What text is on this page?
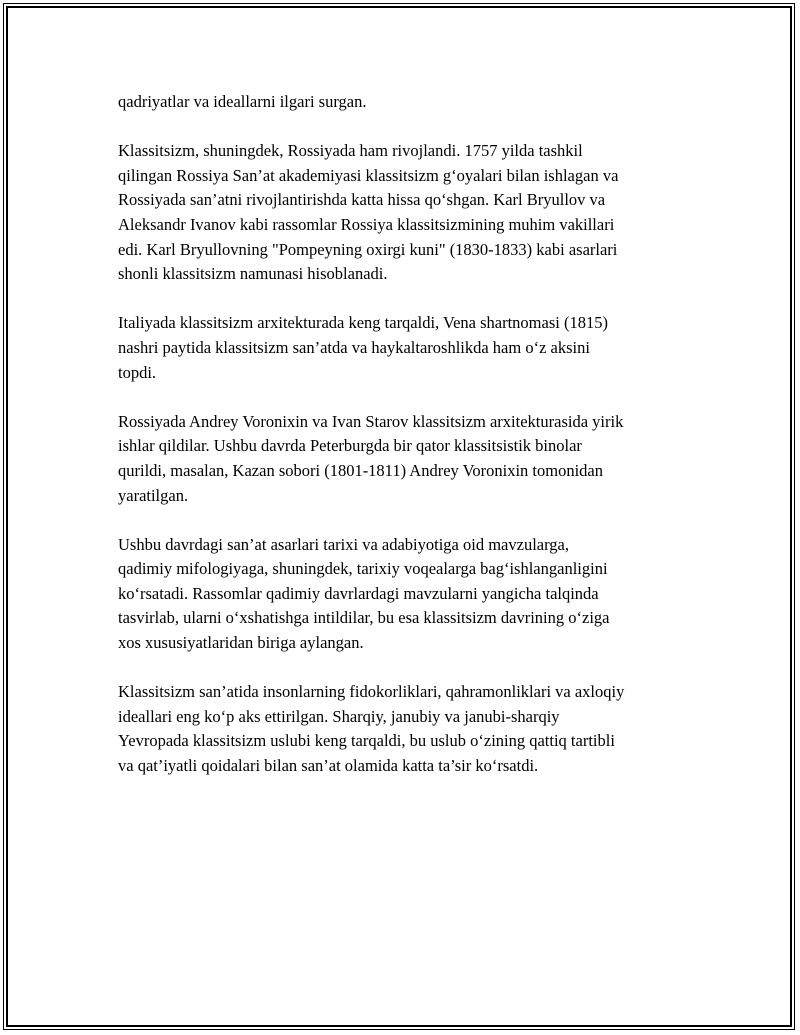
qadriyatlar va ideallarni ilgari surgan.

Klassitsizm, shuningdek, Rossiyada ham rivojlandi. 1757 yilda tashkil
qilingan Rossiya San’at akademiyasi klassitsizm g‘oyalari bilan ishlagan va
Rossiyada san’atni rivojlantirishda katta hissa qo‘shgan. Karl Bryullov va
Aleksandr Ivanov kabi rassomlar Rossiya klassitsizmining muhim vakillari
edi. Karl Bryullovning "Pompeyning oxirgi kuni" (1830-1833) kabi asarlari
shonli klassitsizm namunasi hisoblanadi.

Italiyada klassitsizm arxitekturada keng tarqaldi, Vena shartnomasi (1815)
nashri paytida klassitsizm san’atda va haykaltaroshlikda ham o‘z aksini
topdi.

Rossiyada Andrey Voronixin va Ivan Starov klassitsizm arxitekturasida yirik
ishlar qildilar. Ushbu davrda Peterburgda bir qator klassitsistik binolar
qurildi, masalan, Kazan sobori (1801-1811) Andrey Voronixin tomonidan
yaratilgan.

Ushbu davrdagi san’at asarlari tarixi va adabiyotiga oid mavzularga,
qadimiy mifologiyaga, shuningdek, tarixiy voqealarga bag‘ishlanganligini
ko‘rsatadi. Rassomlar qadimiy davrlardagi mavzularni yangicha talqinda
tasvirlab, ularni o‘xshatishga intildilar, bu esa klassitsizm davrining o‘ziga
xos xususiyatlaridan biriga aylangan.

Klassitsizm san’atida insonlarning fidokorliklari, qahramonliklari va axloqiy
ideallari eng ko‘p aks ettirilgan. Sharqiy, janubiy va janubi-sharqiy
Yevropada klassitsizm uslubi keng tarqaldi, bu uslub o‘zining qattiq tartibli
va qat’iyatli qoidalari bilan san’at olamida katta ta’sir ko‘rsatdi.
